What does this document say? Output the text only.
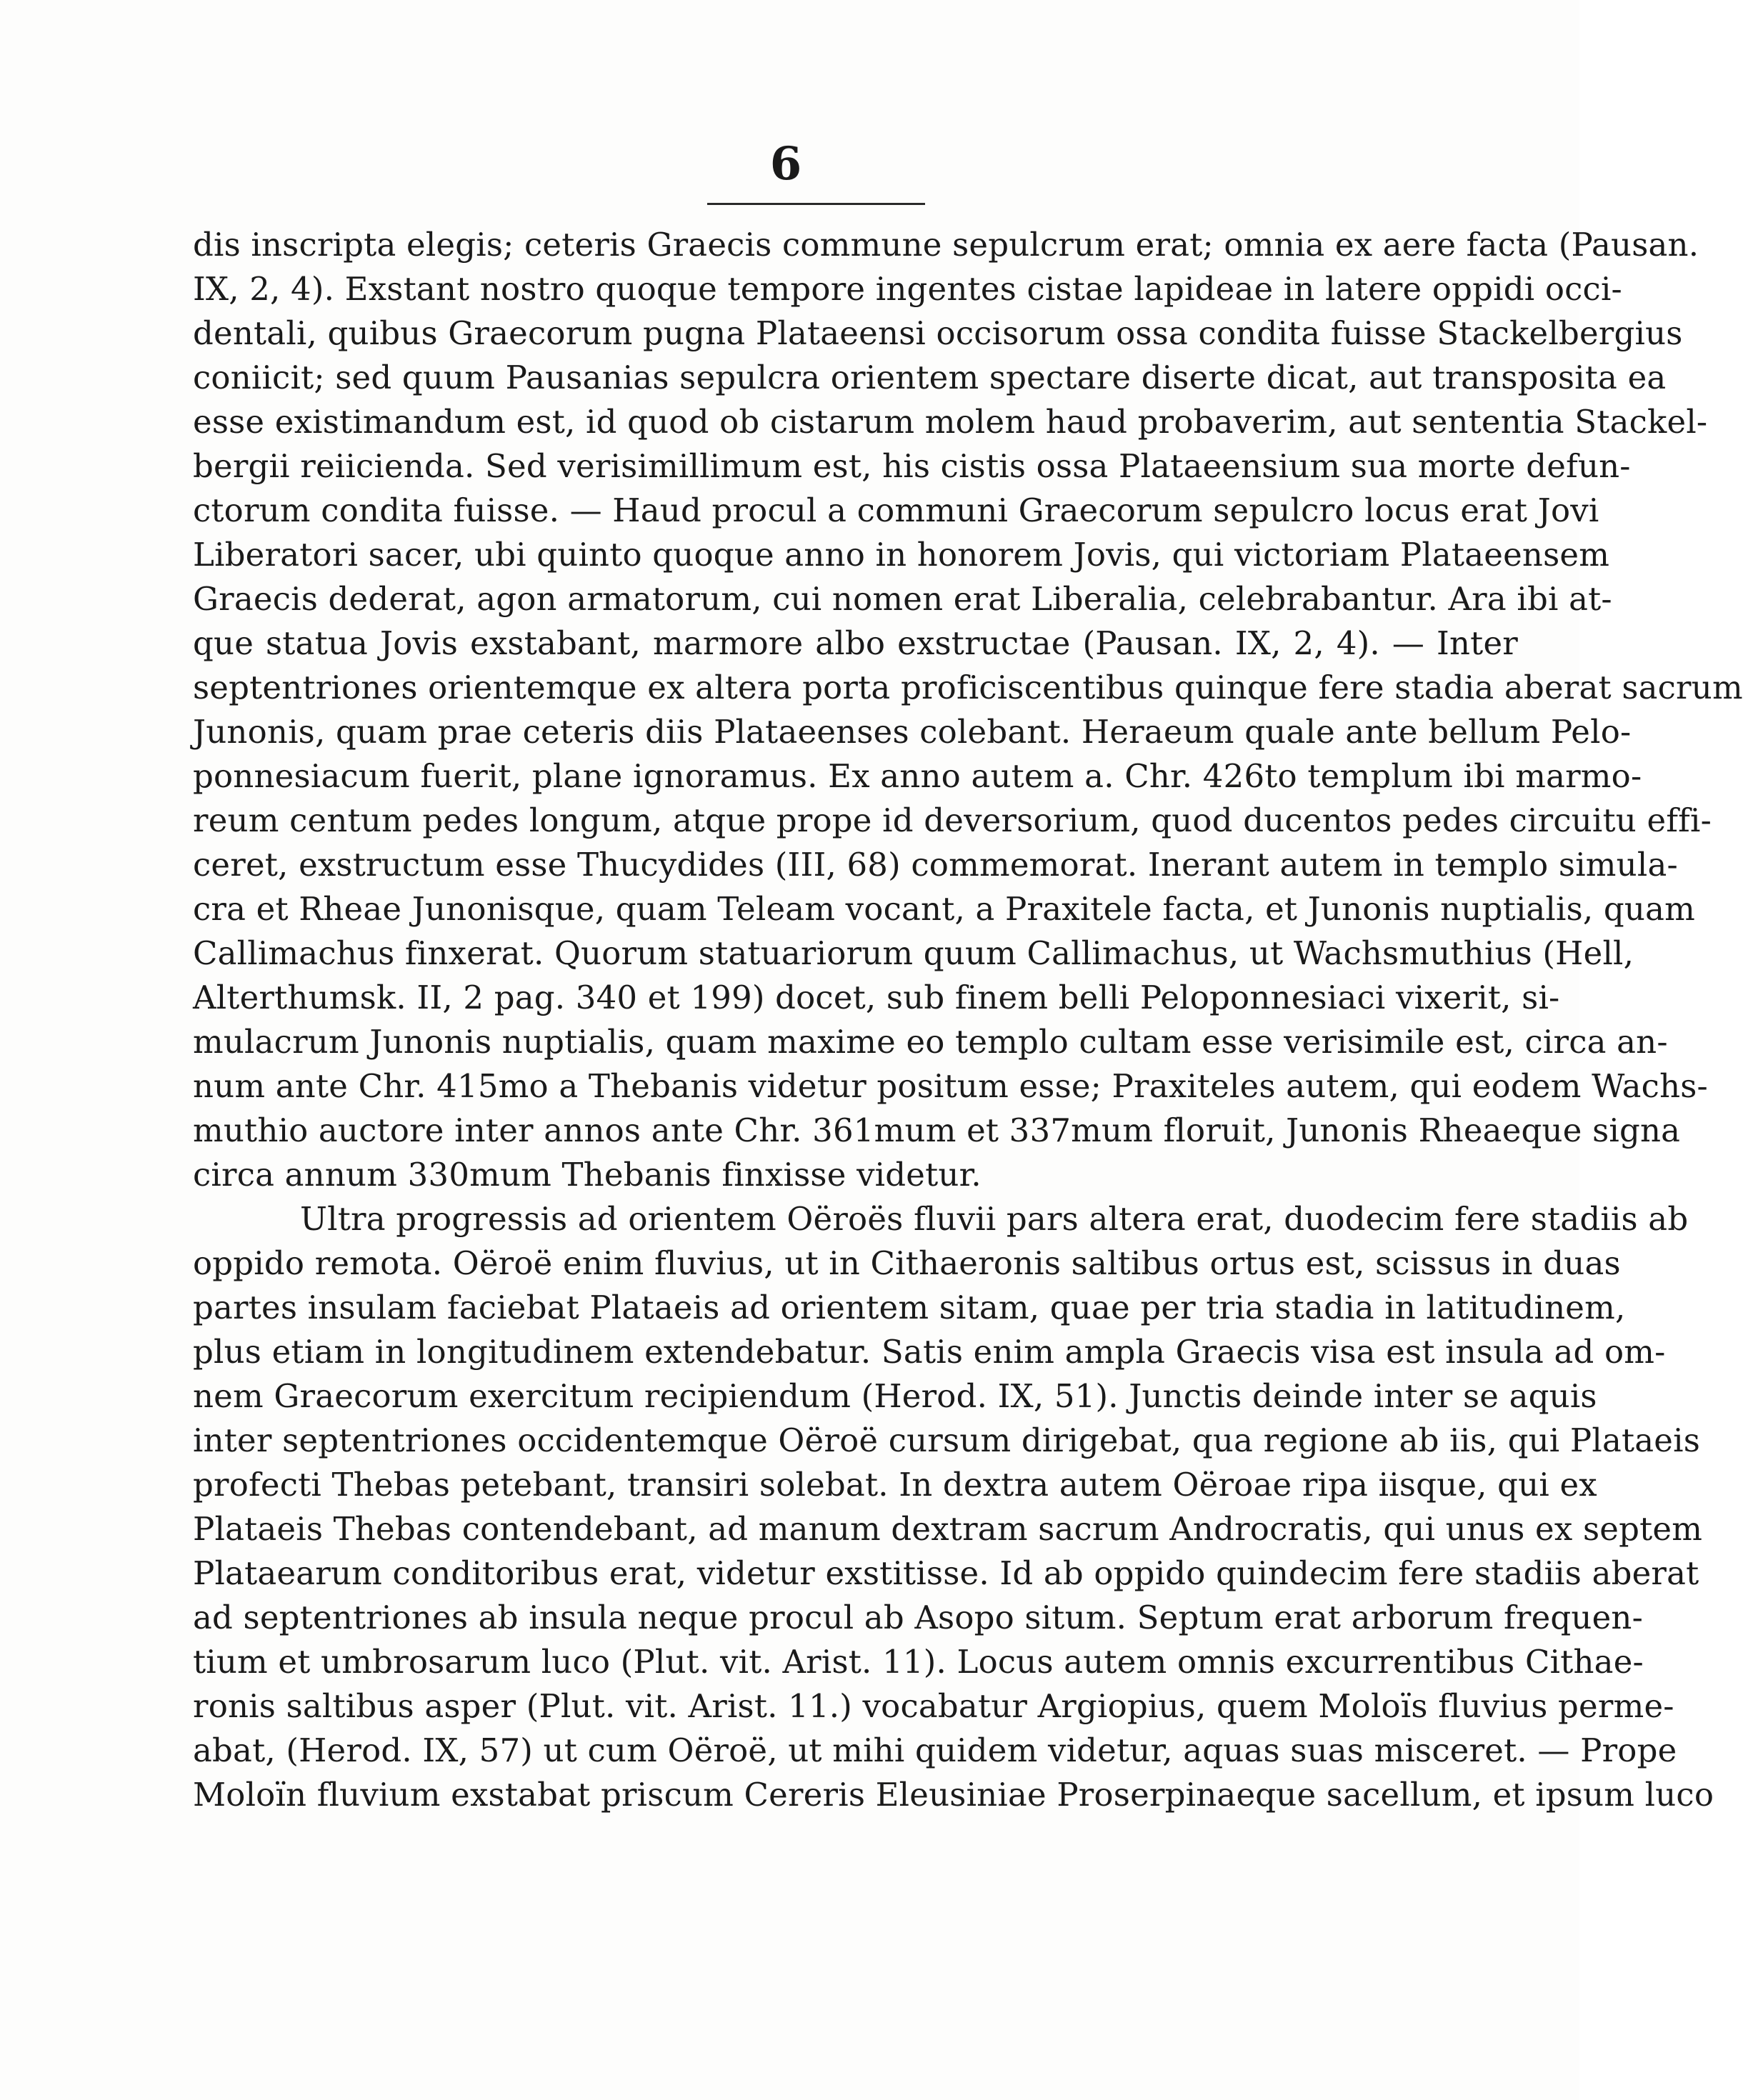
6
dis inscripta elegis; ceteris Graecis commune sepulcrum erat; omnia ex aere facta (Pausan.
IX, 2, 4). Exstant nostro quoque tempore ingentes cistae lapideae in latere oppidi occi-
dentali, quibus Graecorum pugna Plataeensi occisorum ossa condita fuisse Stackelbergius
coniicit; sed quum Pausanias sepulcra orientem spectare diserte dicat, aut transposita ea
esse existimandum est, id quod ob cistarum molem haud probaverim, aut sententia Stackel-
bergii reiicienda. Sed verisimillimum est, his cistis ossa Plataeensium sua morte defun-
ctorum condita fuisse. — Haud procul a communi Graecorum sepulcro locus erat Jovi
Liberatori sacer, ubi quinto quoque anno in honorem Jovis, qui victoriam Plataeensem
Graecis dederat, agon armatorum, cui nomen erat Liberalia, celebrabantur. Ara ibi at-
que statua Jovis exstabant, marmore albo exstructae (Pausan. IX, 2, 4). — Inter
septentriones orientemque ex altera porta proficiscentibus quinque fere stadia aberat sacrum
Junonis, quam prae ceteris diis Plataeenses colebant. Heraeum quale ante bellum Pelo-
ponnesiacum fuerit, plane ignoramus. Ex anno autem a. Chr. 426to templum ibi marmo-
reum centum pedes longum, atque prope id deversorium, quod ducentos pedes circuitu effi-
ceret, exstructum esse Thucydides (III, 68) commemorat. Inerant autem in templo simula-
cra et Rheae Junonisque, quam Teleam vocant, a Praxitele facta, et Junonis nuptialis, quam
Callimachus finxerat. Quorum statuariorum quum Callimachus, ut Wachsmuthius (Hell,
Alterthumsk. II, 2 pag. 340 et 199) docet, sub finem belli Peloponnesiaci vixerit, si-
mulacrum Junonis nuptialis, quam maxime eo templo cultam esse verisimile est, circa an-
num ante Chr. 415mo a Thebanis videtur positum esse; Praxiteles autem, qui eodem Wachs-
muthio auctore inter annos ante Chr. 361mum et 337mum floruit, Junonis Rheaeque signa
circa annum 330mum Thebanis finxisse videtur.
Ultra progressis ad orientem Oëroës fluvii pars altera erat, duodecim fere stadiis ab
oppido remota. Oëroë enim fluvius, ut in Cithaeronis saltibus ortus est, scissus in duas
partes insulam faciebat Plataeis ad orientem sitam, quae per tria stadia in latitudinem,
plus etiam in longitudinem extendebatur. Satis enim ampla Graecis visa est insula ad om-
nem Graecorum exercitum recipiendum (Herod. IX, 51). Junctis deinde inter se aquis
inter septentriones occidentemque Oëroë cursum dirigebat, qua regione ab iis, qui Plataeis
profecti Thebas petebant, transiri solebat. In dextra autem Oëroae ripa iisque, qui ex
Plataeis Thebas contendebant, ad manum dextram sacrum Androcratis, qui unus ex septem
Plataearum conditoribus erat, videtur exstitisse. Id ab oppido quindecim fere stadiis aberat
ad septentriones ab insula neque procul ab Asopo situm. Septum erat arborum frequen-
tium et umbrosarum luco (Plut. vit. Arist. 11). Locus autem omnis excurrentibus Cithae-
ronis saltibus asper (Plut. vit. Arist. 11.) vocabatur Argiopius, quem Moloïs fluvius perme-
abat, (Herod. IX, 57) ut cum Oëroë, ut mihi quidem videtur, aquas suas misceret. — Prope
Moloïn fluvium exstabat priscum Cereris Eleusiniae Proserpinaeque sacellum, et ipsum luco
